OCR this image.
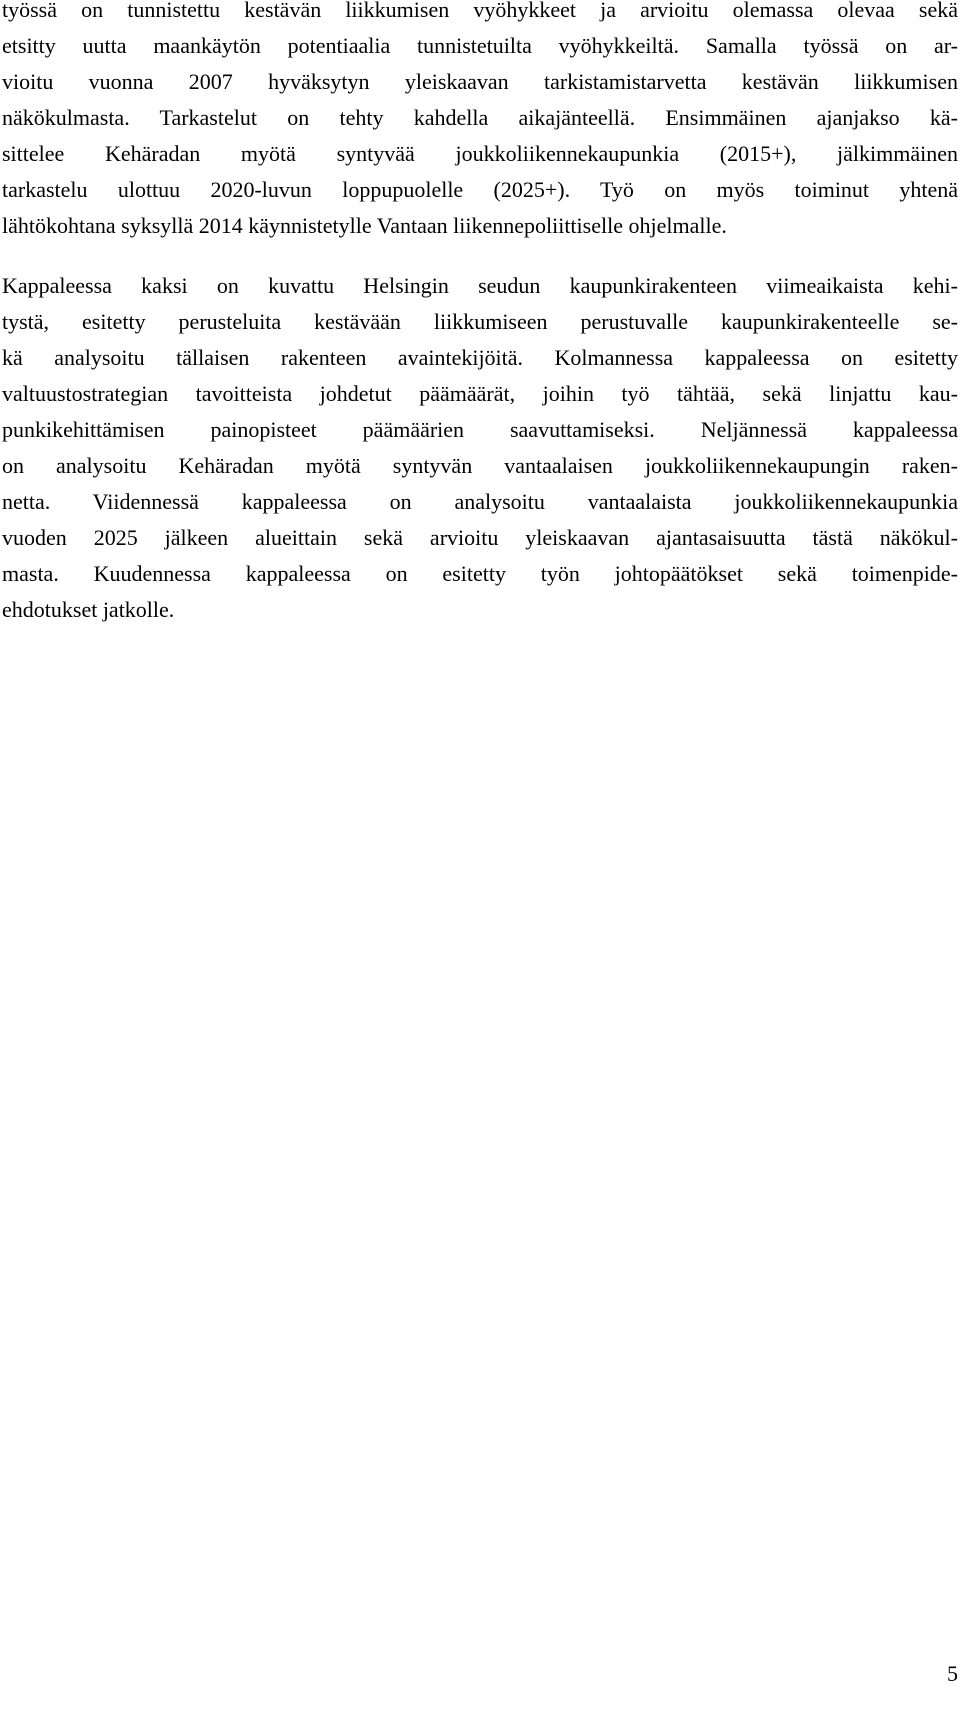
työssä on tunnistettu kestävän liikkumisen vyöhykkeet ja arvioitu olemassa olevaa sekä
etsitty uutta maankäytön potentiaalia tunnistetuilta vyöhykkeiltä. Samalla työssä on ar-
vioitu vuonna 2007 hyväksytyn yleiskaavan tarkistamistarvetta kestävän liikkumisen
näkökulmasta. Tarkastelut on tehty kahdella aikajänteellä. Ensimmäinen ajanjakso kä-
sittelee Kehäradan myötä syntyvää joukkoliikennekaupunkia (2015+), jälkimmäinen
tarkastelu ulottuu 2020-luvun loppupuolelle (2025+). Työ on myös toiminut yhtenä
lähtökohtana syksyllä 2014 käynnistetylle Vantaan liikennepoliittiselle ohjelmalle.
Kappaleessa kaksi on kuvattu Helsingin seudun kaupunkirakenteen viimeaikaista kehi-
tystä, esitetty perusteluita kestävään liikkumiseen perustuvalle kaupunkirakenteelle se-
kä analysoitu tällaisen rakenteen avaintekijöitä. Kolmannessa kappaleessa on esitetty
valtuustostrategian tavoitteista johdetut päämäärät, joihin työ tähtää, sekä linjattu kau-
punkikehittämisen painopisteet päämäärien saavuttamiseksi. Neljännessä kappaleessa
on analysoitu Kehäradan myötä syntyvän vantaalaisen joukkoliikennekaupungin raken-
netta. Viidennessä kappaleessa on analysoitu vantaalaista joukkoliikennekaupunkia
vuoden 2025 jälkeen alueittain sekä arvioitu yleiskaavan ajantasaisuutta tästä näkökul-
masta. Kuudennessa kappaleessa on esitetty työn johtopäätökset sekä toimenpide-
ehdotukset jatkolle.
5
